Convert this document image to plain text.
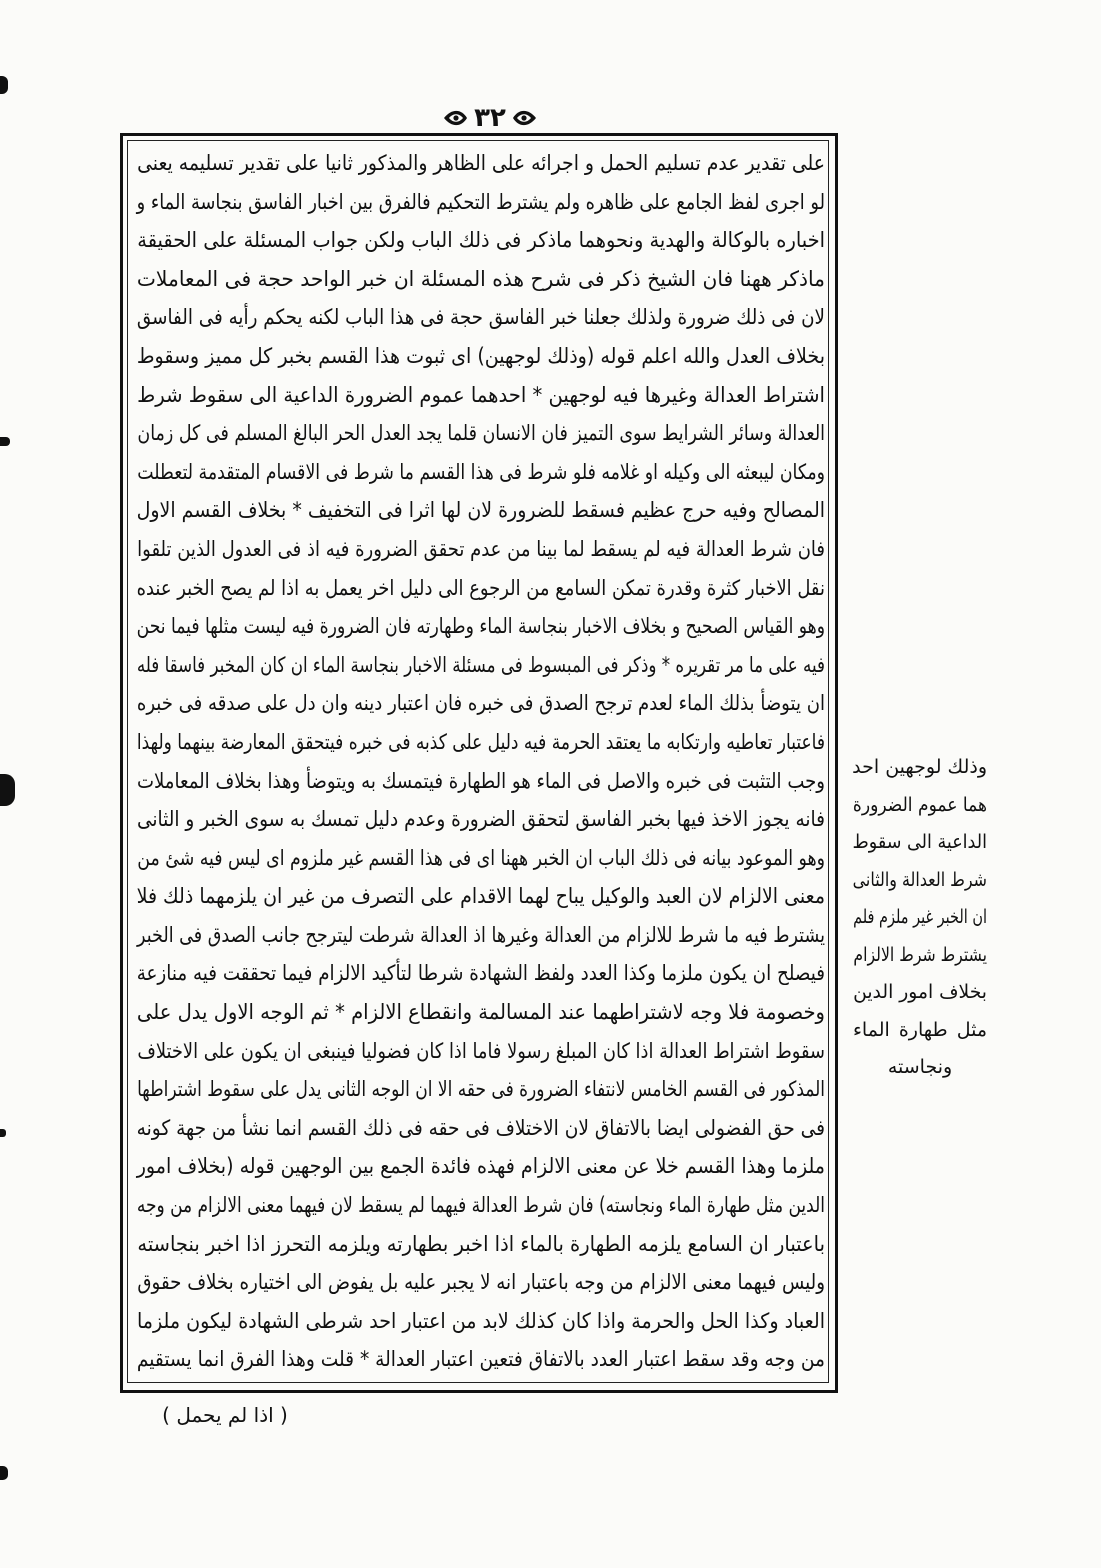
٣٢
على تقدير عدم تسليم الحمل و اجرائه على الظاهر والمذكور ثانيا على تقدير تسليمه يعنى
لو اجرى لفظ الجامع على ظاهره ولم يشترط التحكيم فالفرق بين اخبار الفاسق بنجاسة الماء و
اخباره بالوكالة والهدية ونحوهما ماذكر فى ذلك الباب ولكن جواب المسئلة على الحقيقة
ماذكر ههنا فان الشيخ ذكر فى شرح هذه المسئلة ان خبر الواحد حجة فى المعاملات
لان فى ذلك ضرورة ولذلك جعلنا خبر الفاسق حجة فى هذا الباب لكنه يحكم رأيه فى الفاسق
بخلاف العدل والله اعلم قوله (وذلك لوجهين) اى ثبوت هذا القسم بخبر كل مميز وسقوط
اشتراط العدالة وغيرها فيه لوجهين * احدهما عموم الضرورة الداعية الى سقوط شرط
العدالة وسائر الشرايط سوى التميز فان الانسان قلما يجد العدل الحر البالغ المسلم فى كل زمان
ومكان ليبعثه الى وكيله او غلامه فلو شرط فى هذا القسم ما شرط فى الاقسام المتقدمة لتعطلت
المصالح وفيه حرج عظيم فسقط للضرورة لان لها اثرا فى التخفيف * بخلاف القسم الاول
فان شرط العدالة فيه لم يسقط لما بينا من عدم تحقق الضرورة فيه اذ فى العدول الذين تلقوا
نقل الاخبار كثرة وقدرة تمكن السامع من الرجوع الى دليل اخر يعمل به اذا لم يصح الخبر عنده
وهو القياس الصحيح و بخلاف الاخبار بنجاسة الماء وطهارته فان الضرورة فيه ليست مثلها فيما نحن
فيه على ما مر تقريره * وذكر فى المبسوط فى مسئلة الاخبار بنجاسة الماء ان كان المخبر فاسقا فله
ان يتوضأ بذلك الماء لعدم ترجح الصدق فى خبره فان اعتبار دينه وان دل على صدقه فى خبره
فاعتبار تعاطيه وارتكابه ما يعتقد الحرمة فيه دليل على كذبه فى خبره فيتحقق المعارضة بينهما ولهذا
وجب التثبت فى خبره والاصل فى الماء هو الطهارة فيتمسك به ويتوضأ وهذا بخلاف المعاملات
فانه يجوز الاخذ فيها بخبر الفاسق لتحقق الضرورة وعدم دليل تمسك به سوى الخبر و الثانى
وهو الموعود بيانه فى ذلك الباب ان الخبر ههنا اى فى هذا القسم غير ملزوم اى ليس فيه شئ من
معنى الالزام لان العبد والوكيل يباح لهما الاقدام على التصرف من غير ان يلزمهما ذلك فلا
يشترط فيه ما شرط للالزام من العدالة وغيرها اذ العدالة شرطت ليترجح جانب الصدق فى الخبر
فيصلح ان يكون ملزما وكذا العدد ولفظ الشهادة شرطا لتأكيد الالزام فيما تحققت فيه منازعة
وخصومة فلا وجه لاشتراطهما عند المسالمة وانقطاع الالزام * ثم الوجه الاول يدل على
سقوط اشتراط العدالة اذا كان المبلغ رسولا فاما اذا كان فضوليا فينبغى ان يكون على الاختلاف
المذكور فى القسم الخامس لانتفاء الضرورة فى حقه الا ان الوجه الثانى يدل على سقوط اشتراطها
فى حق الفضولى ايضا بالاتفاق لان الاختلاف فى حقه فى ذلك القسم انما نشأ من جهة كونه
ملزما وهذا القسم خلا عن معنى الالزام فهذه فائدة الجمع بين الوجهين قوله (بخلاف امور
الدين مثل طهارة الماء ونجاسته) فان شرط العدالة فيهما لم يسقط لان فيهما معنى الالزام من وجه
باعتبار ان السامع يلزمه الطهارة بالماء اذا اخبر بطهارته ويلزمه التحرز اذا اخبر بنجاسته
وليس فيهما معنى الالزام من وجه باعتبار انه لا يجبر عليه بل يفوض الى اختياره بخلاف حقوق
العباد وكذا الحل والحرمة واذا كان كذلك لابد من اعتبار احد شرطى الشهادة ليكون ملزما
من وجه وقد سقط اعتبار العدد بالاتفاق فتعين اعتبار العدالة * قلت وهذا الفرق انما يستقيم
وذلك لوجهين احد
هما عموم الضرورة
الداعية الى سقوط
شرط العدالة والثانى
ان الخبر غير ملزم فلم
يشترط شرط الالزام
بخلاف امور الدين
مثل طهارة الماء
ونجاسته
( اذا لم يحمل )
